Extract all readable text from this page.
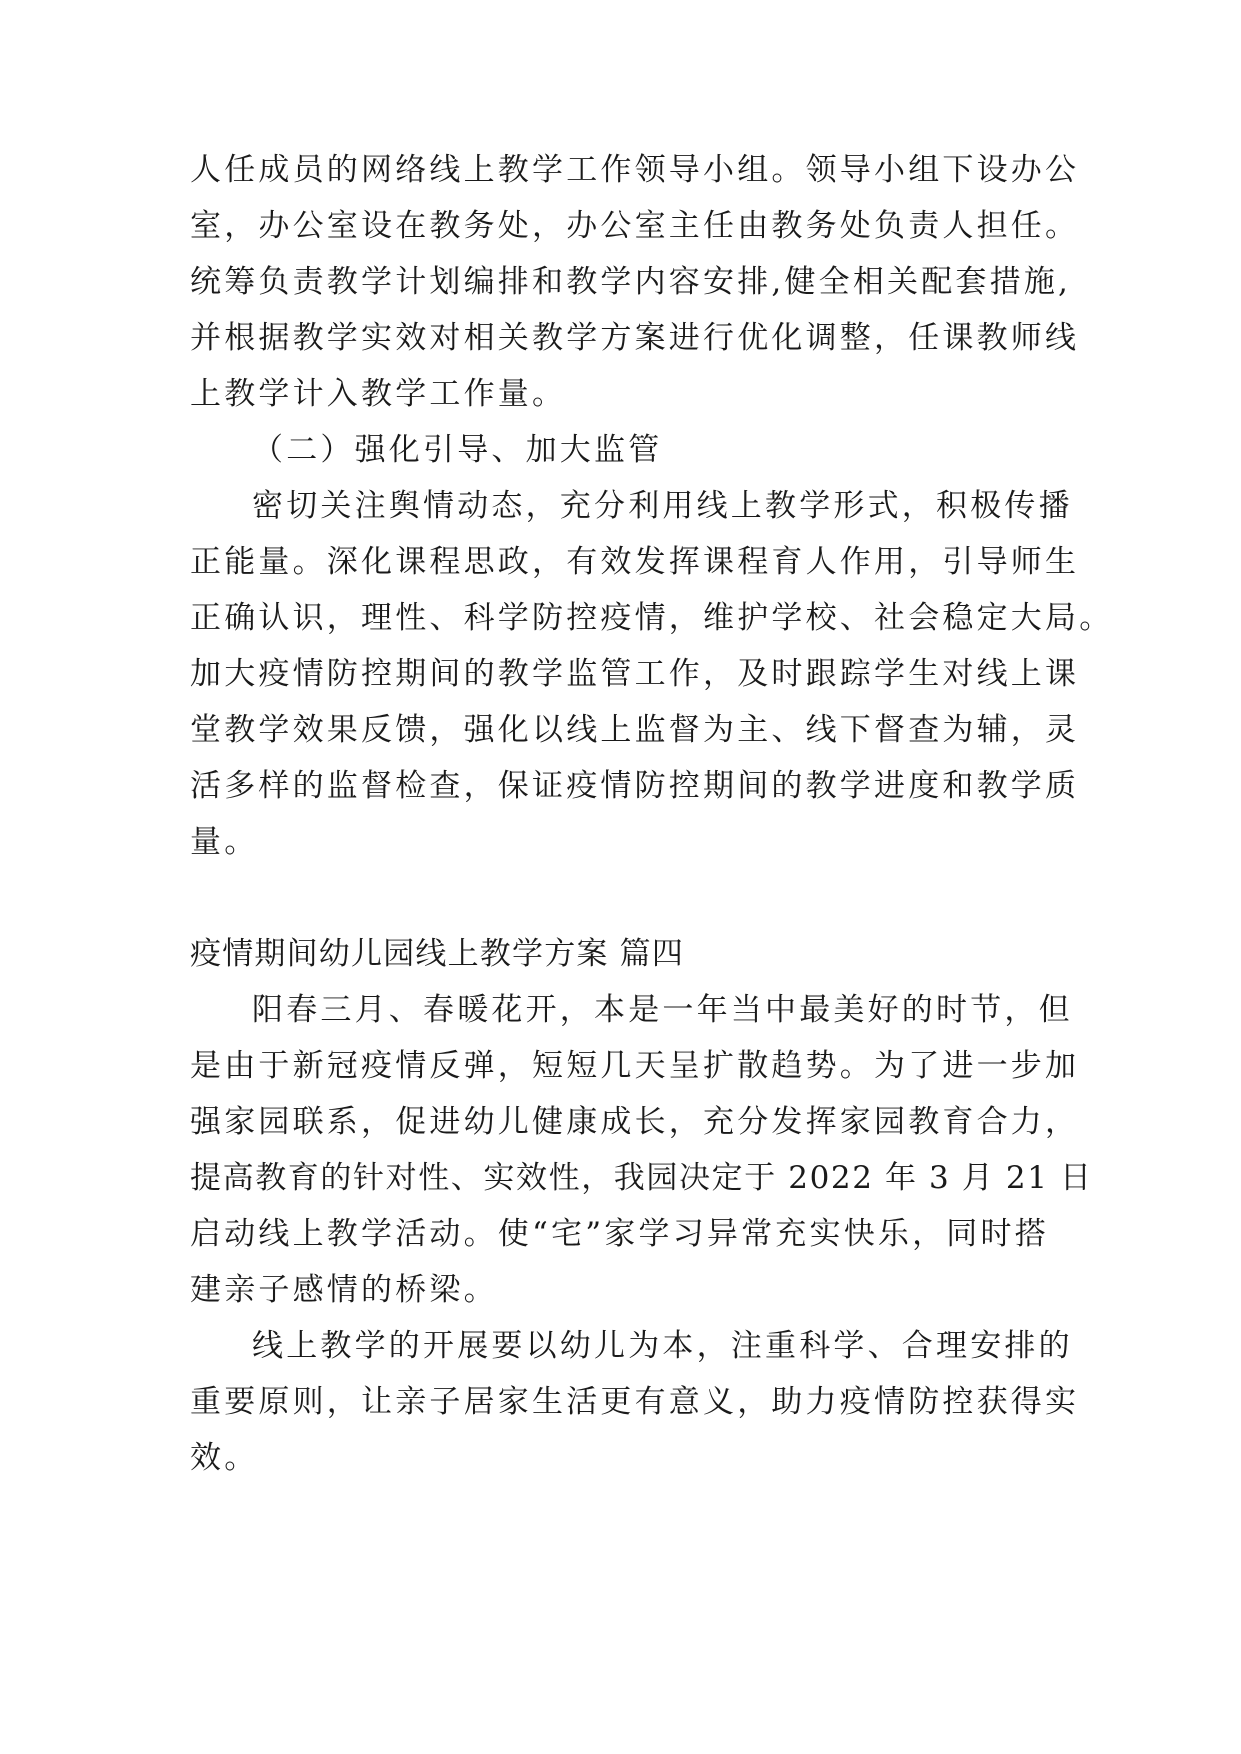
人任成员的网络线上教学工作领导小组。领导小组下设办公
室，办公室设在教务处，办公室主任由教务处负责人担任。
统筹负责教学计划编排和教学内容安排,健全相关配套措施,
并根据教学实效对相关教学方案进行优化调整，任课教师线
上教学计入教学工作量。
（二）强化引导、加大监管
密切关注舆情动态，充分利用线上教学形式，积极传播
正能量。深化课程思政，有效发挥课程育人作用，引导师生
正确认识，理性、科学防控疫情，维护学校、社会稳定大局。
加大疫情防控期间的教学监管工作，及时跟踪学生对线上课
堂教学效果反馈，强化以线上监督为主、线下督查为辅，灵
活多样的监督检查，保证疫情防控期间的教学进度和教学质
量。
疫情期间幼儿园线上教学方案 篇四
阳春三月、春暖花开，本是一年当中最美好的时节，但
是由于新冠疫情反弹，短短几天呈扩散趋势。为了进一步加
强家园联系，促进幼儿健康成长，充分发挥家园教育合力，
提高教育的针对性、实效性，我园决定于 2022 年 3 月 21 日
启动线上教学活动。使“宅”家学习异常充实快乐，同时搭
建亲子感情的桥梁。
线上教学的开展要以幼儿为本，注重科学、合理安排的
重要原则，让亲子居家生活更有意义，助力疫情防控获得实
效。
